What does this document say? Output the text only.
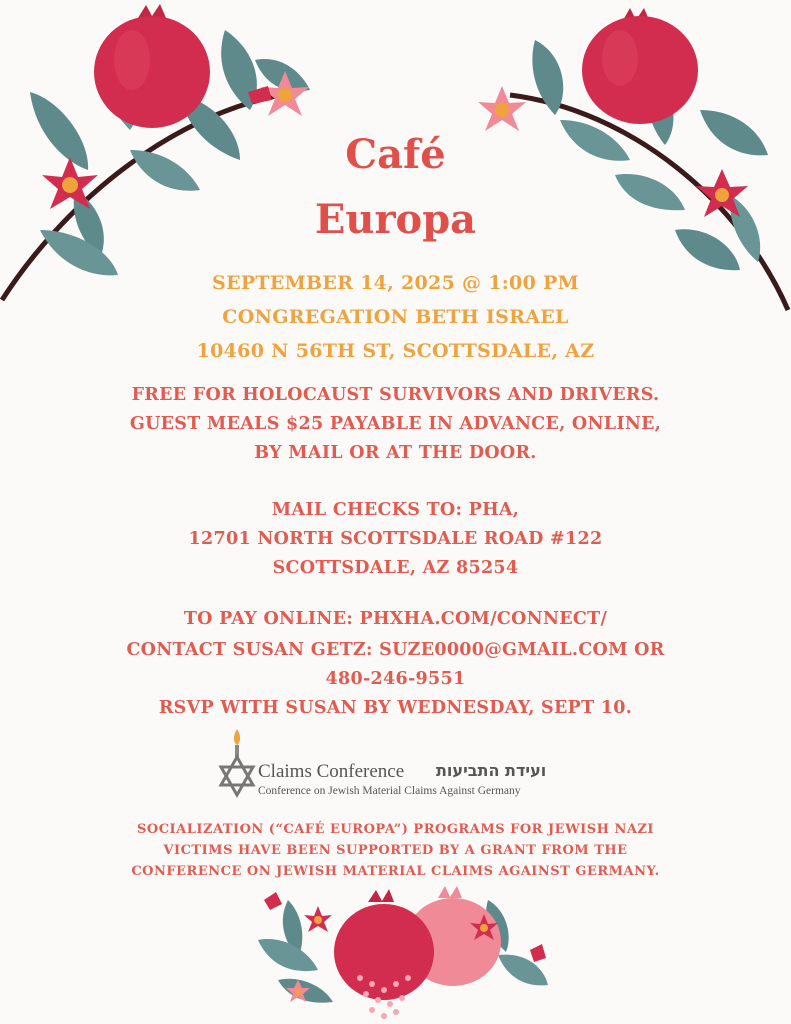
Café
Europa
SEPTEMBER 14, 2025 @ 1:00 PM
CONGREGATION BETH ISRAEL
10460 N 56TH ST, SCOTTSDALE, AZ
FREE FOR HOLOCAUST SURVIVORS AND DRIVERS.
GUEST MEALS $25 PAYABLE IN ADVANCE, ONLINE,
BY MAIL OR AT THE DOOR.
MAIL CHECKS TO: PHA,
12701 NORTH SCOTTSDALE ROAD #122
SCOTTSDALE, AZ 85254
TO PAY ONLINE: PHXHA.COM/CONNECT/
CONTACT SUSAN GETZ: SUZE0000@GMAIL.COM OR
480-246-9551
RSVP WITH SUSAN BY WEDNESDAY, SEPT 10.
Claims Conference ועידת התביעות
Conference on Jewish Material Claims Against Germany
SOCIALIZATION (“CAFÉ EUROPA”) PROGRAMS FOR JEWISH NAZI
VICTIMS HAVE BEEN SUPPORTED BY A GRANT FROM THE
CONFERENCE ON JEWISH MATERIAL CLAIMS AGAINST GERMANY.
